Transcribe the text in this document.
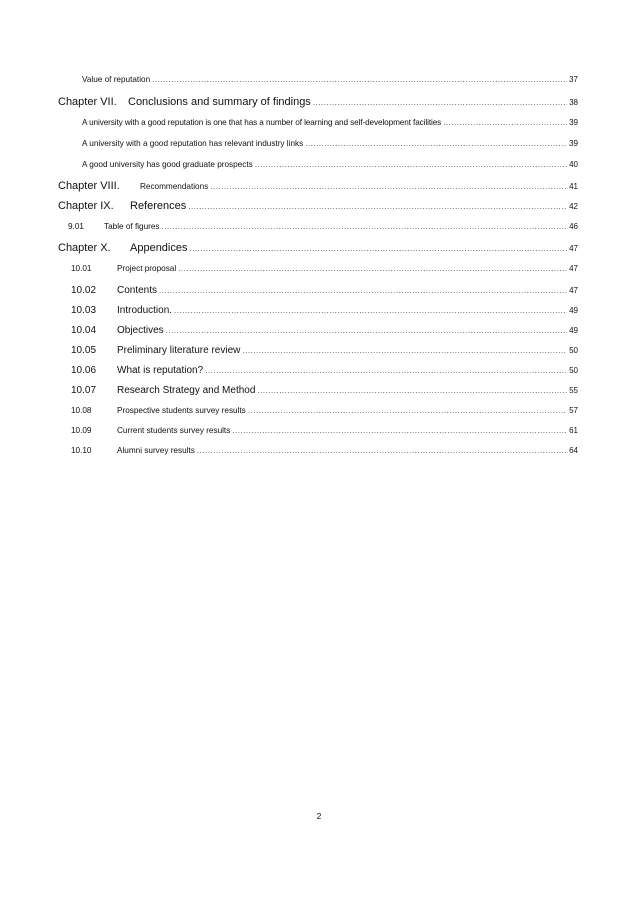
Value of reputation .....	37
Chapter VII.	Conclusions and summary of findings .....	38
A university with a good reputation is one that has a number of learning and self-development facilities .....	39
A university with a good reputation has relevant industry links .....	39
A good university has good graduate prospects .....	40
Chapter VIII.	Recommendations .....	41
Chapter IX.	References .....	42
9.01	Table of figures .....	46
Chapter X.	Appendices .....	47
10.01	Project proposal .....	47
10.02	Contents .....	47
10.03	Introduction. .....	49
10.04	Objectives .....	49
10.05	Preliminary literature review .....	50
10.06	What is reputation? .....	50
10.07	Research Strategy and Method .....	55
10.08	Prospective students survey results .....	57
10.09	Current students survey results .....	61
10.10	Alumni survey results .....	64
2
